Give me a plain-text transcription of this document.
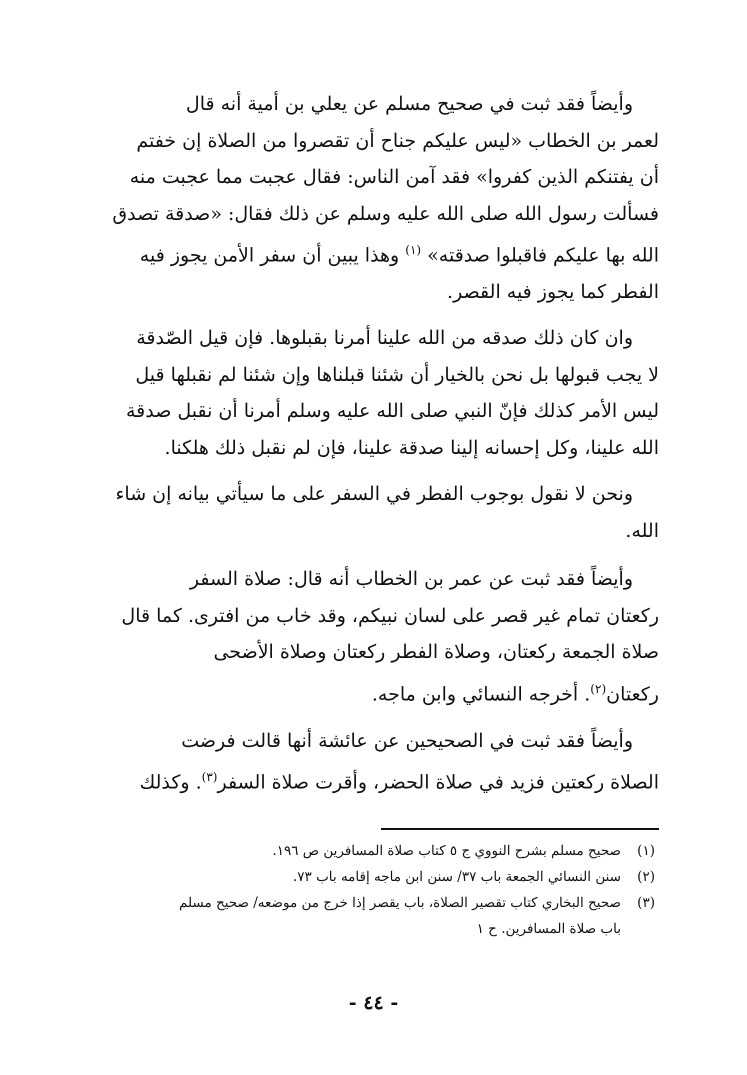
وأيضاً فقد ثبت في صحيح مسلم عن يعلي بن أمية أنه قال
لعمر بن الخطاب «ليس عليكم جناح أن تقصروا من الصلاة إن خفتم
أن يفتنكم الذين كفروا» فقد آمن الناس: فقال عجبت مما عجبت منه
فسألت رسول الله صلى الله عليه وسلم عن ذلك فقال: «صدقة تصدق
الله بها عليكم فاقبلوا صدقته» $^{(١)}$ وهذا يبين أن سفر الأمن يجوز فيه
الفطر كما يجوز فيه القصر.
وان كان ذلك صدقه من الله علينا أمرنا بقبلوها. فإن قيل الصّدقة
لا يجب قبولها بل نحن بالخيار أن شئنا قبلناها وإن شئنا لم نقبلها قيل
ليس الأمر كذلك فإنّ النبي صلى الله عليه وسلم أمرنا أن نقبل صدقة
الله علينا، وكل إحسانه إلينا صدقة علينا، فإن لم نقبل ذلك هلكنا.
ونحن لا نقول بوجوب الفطر في السفر على ما سيأتي بيانه إن شاء
الله.
وأيضاً فقد ثبت عن عمر بن الخطاب أنه قال: صلاة السفر
ركعتان تمام غير قصر على لسان نبيكم، وقد خاب من افترى. كما قال
صلاة الجمعة ركعتان، وصلاة الفطر ركعتان وصلاة الأضحى
ركعتان$^{(٢)}$. أخرجه النسائي وابن ماجه.
وأيضاً فقد ثبت في الصحيحين عن عائشة أنها قالت فرضت
الصلاة ركعتين فزيد في صلاة الحضر، وأقرت صلاة السفر$^{(٣)}$. وكذلك
(١)صحيح مسلم بشرح النووي ج ٥ كتاب صلاة المسافرين ص ١٩٦.
(٢)سنن النسائي الجمعة باب ٣٧/ سنن ابن ماجه إقامه باب ٧٣.
(٣)صحيح البخاري كتاب تقصير الصلاة، باب يقصر إذا خرج من موضعه/ صحيح مسلم
باب صلاة المسافرين. ح ١
- ٤٤ -
